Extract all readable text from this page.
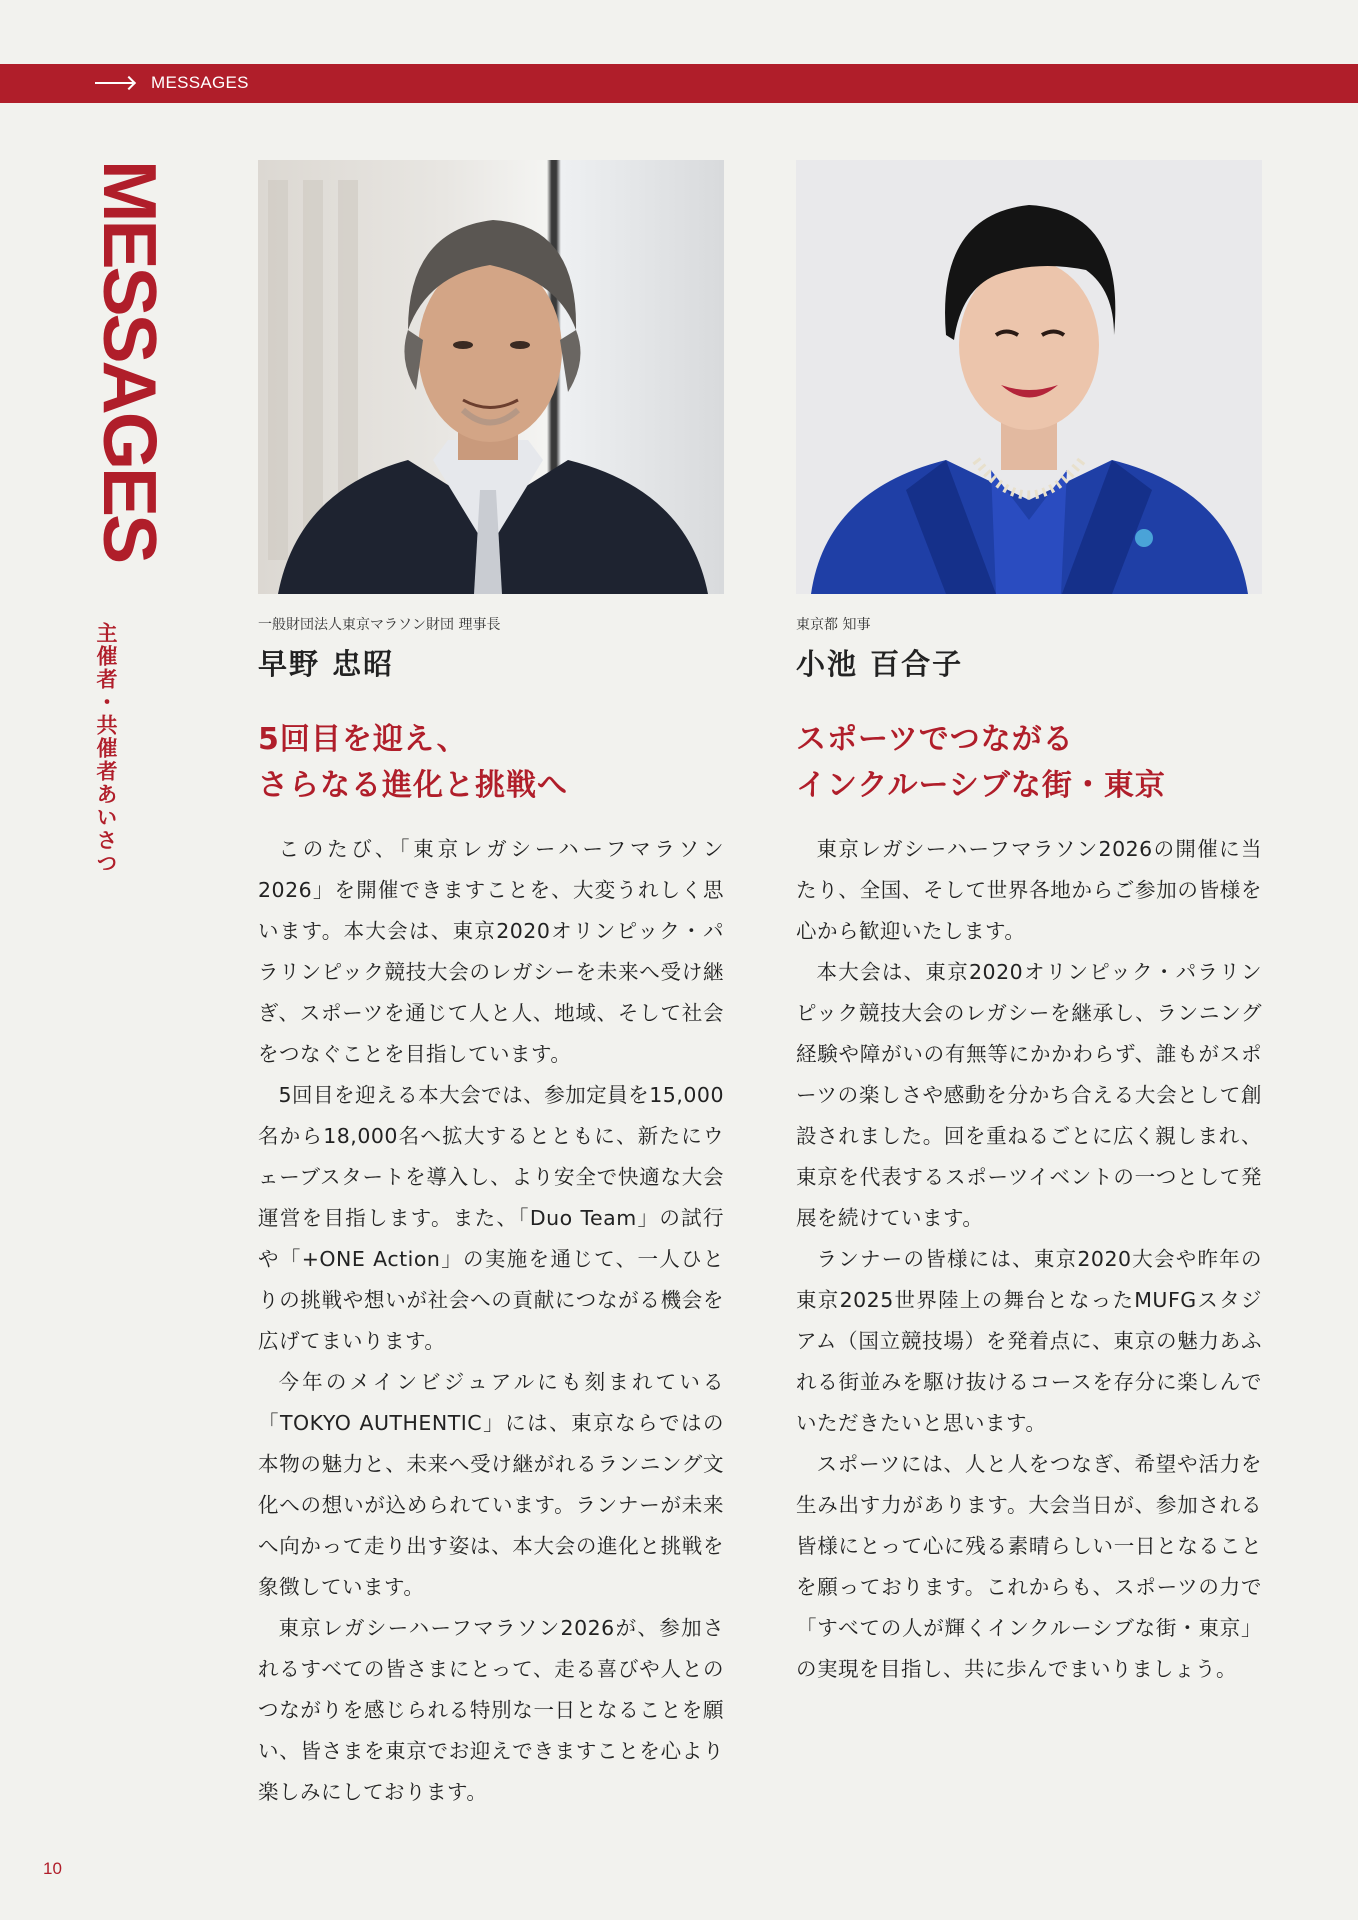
MESSAGES
MESSAGES
主催者・共催者あいさつ	一般財団法人東京マラソン財団 理事長
早野 忠昭
5回目を迎え、
さらなる進化と挑戦へ

このたび、「東京レガシーハーフマラソン2026」を開催できますことを、大変うれしく思います。本大会は、東京2020オリンピック・パラリンピック競技大会のレガシーを未来へ受け継ぎ、スポーツを通じて人と人、地域、そして社会をつなぐことを目指しています。

5回目を迎える本大会では、参加定員を15,000名から18,000名へ拡大するとともに、新たにウェーブスタートを導入し、より安全で快適な大会運営を目指します。また、「Duo Team」の試行や「+ONE Action」の実施を通じて、一人ひとりの挑戦や想いが社会への貢献につながる機会を広げてまいります。

今年のメインビジュアルにも刻まれている「TOKYO AUTHENTIC」には、東京ならではの本物の魅力と、未来へ受け継がれるランニング文化への想いが込められています。ランナーが未来へ向かって走り出す姿は、本大会の進化と挑戦を象徴しています。

東京レガシーハーフマラソン2026が、参加されるすべての皆さまにとって、走る喜びや人とのつながりを感じられる特別な一日となることを願い、皆さまを東京でお迎えできますことを心より楽しみにしております。

東京都 知事
小池 百合子
スポーツでつながる
インクルーシブな街・東京

東京レガシーハーフマラソン2026の開催に当たり、全国、そして世界各地からご参加の皆様を心から歓迎いたします。

本大会は、東京2020オリンピック・パラリンピック競技大会のレガシーを継承し、ランニング経験や障がいの有無等にかかわらず、誰もがスポーツの楽しさや感動を分かち合える大会として創設されました。回を重ねるごとに広く親しまれ、東京を代表するスポーツイベントの一つとして発展を続けています。

ランナーの皆様には、東京2020大会や昨年の東京2025世界陸上の舞台となったMUFGスタジアム（国立競技場）を発着点に、東京の魅力あふれる街並みを駆け抜けるコースを存分に楽しんでいただきたいと思います。

スポーツには、人と人をつなぎ、希望や活力を生み出す力があります。大会当日が、参加される皆様にとって心に残る素晴らしい一日となることを願っております。これからも、スポーツの力で「すべての人が輝くインクルーシブな街・東京」の実現を目指し、共に歩んでまいりましょう。

10
